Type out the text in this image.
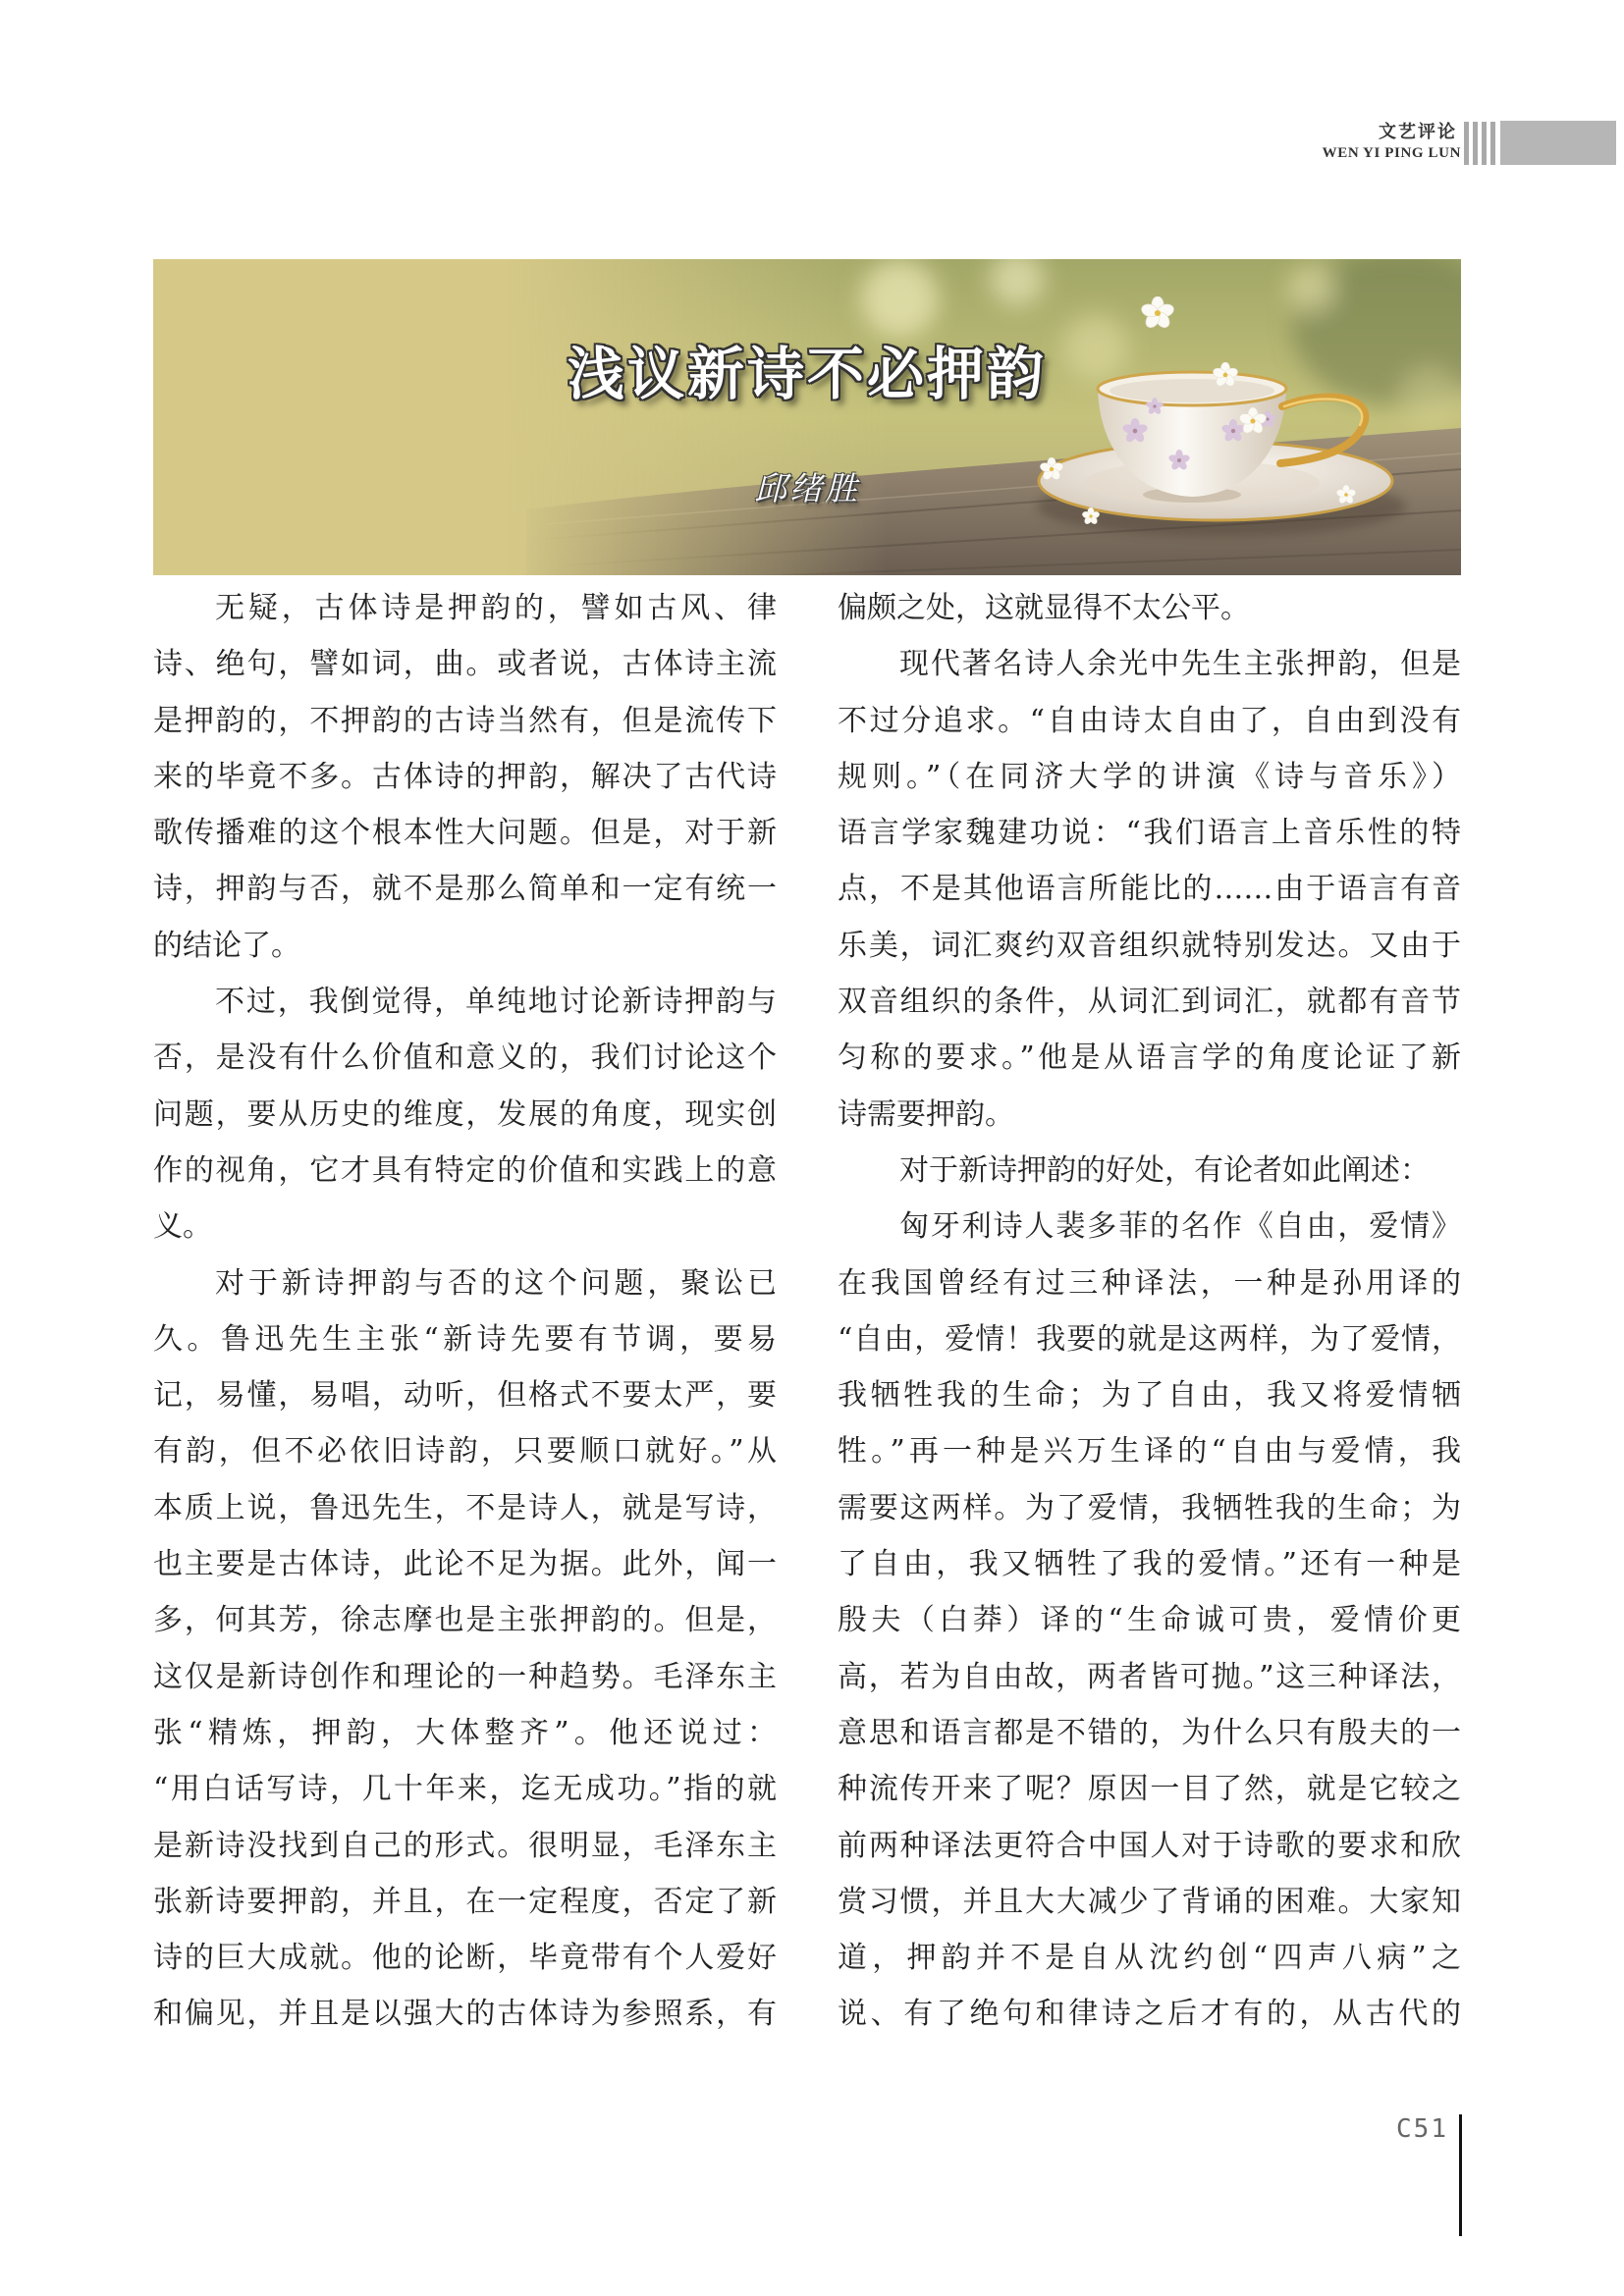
文艺评论
WEN YI PING LUN
浅议新诗不必押韵
邱绪胜
无疑，古体诗是押韵的，譬如古风、律
诗、绝句，譬如词，曲。或者说，古体诗主流
是押韵的，不押韵的古诗当然有，但是流传下
来的毕竟不多。古体诗的押韵，解决了古代诗
歌传播难的这个根本性大问题。但是，对于新
诗，押韵与否，就不是那么简单和一定有统一
的结论了。
不过，我倒觉得，单纯地讨论新诗押韵与
否，是没有什么价值和意义的，我们讨论这个
问题，要从历史的维度，发展的角度，现实创
作的视角，它才具有特定的价值和实践上的意
义。
对于新诗押韵与否的这个问题，聚讼已
久。鲁迅先生主张“新诗先要有节调，要易
记，易懂，易唱，动听，但格式不要太严，要
有韵，但不必依旧诗韵，只要顺口就好。”从
本质上说，鲁迅先生，不是诗人，就是写诗，
也主要是古体诗，此论不足为据。此外，闻一
多，何其芳，徐志摩也是主张押韵的。但是，
这仅是新诗创作和理论的一种趋势。毛泽东主
张“精炼，押韵，大体整齐”。他还说过：
“用白话写诗，几十年来，迄无成功。”指的就
是新诗没找到自己的形式。很明显，毛泽东主
张新诗要押韵，并且，在一定程度，否定了新
诗的巨大成就。他的论断，毕竟带有个人爱好
和偏见，并且是以强大的古体诗为参照系，有
偏颇之处，这就显得不太公平。
现代著名诗人余光中先生主张押韵，但是
不过分追求。“自由诗太自由了，自由到没有
规则。”（在同济大学的讲演《诗与音乐》）
语言学家魏建功说：“我们语言上音乐性的特
点，不是其他语言所能比的……由于语言有音
乐美，词汇爽约双音组织就特别发达。又由于
双音组织的条件，从词汇到词汇，就都有音节
匀称的要求。”他是从语言学的角度论证了新
诗需要押韵。
对于新诗押韵的好处，有论者如此阐述：
匈牙利诗人裴多菲的名作《自由，爱情》
在我国曾经有过三种译法，一种是孙用译的
“自由，爱情！我要的就是这两样，为了爱情，
我牺牲我的生命；为了自由，我又将爱情牺
牲。”再一种是兴万生译的“自由与爱情，我
需要这两样。为了爱情，我牺牲我的生命；为
了自由，我又牺牲了我的爱情。”还有一种是
殷夫（白莽）译的“生命诚可贵，爱情价更
高，若为自由故，两者皆可抛。”这三种译法，
意思和语言都是不错的，为什么只有殷夫的一
种流传开来了呢？原因一目了然，就是它较之
前两种译法更符合中国人对于诗歌的要求和欣
赏习惯，并且大大减少了背诵的困难。大家知
道，押韵并不是自从沈约创“四声八病”之
说、有了绝句和律诗之后才有的，从古代的
C51
